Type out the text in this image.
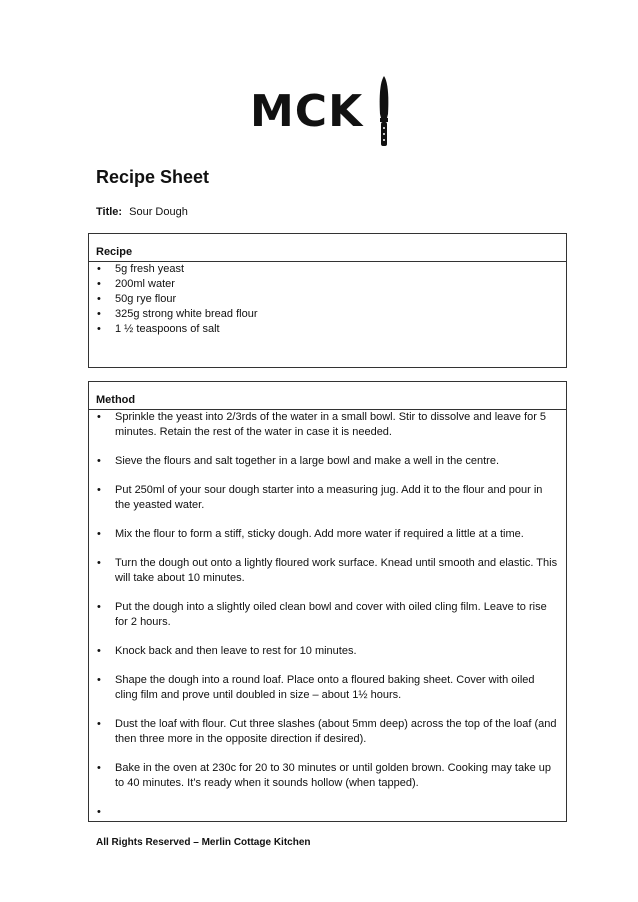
MCK
Recipe Sheet
Title: Sour Dough
Recipe
• 5g fresh yeast
• 200ml water
• 50g rye flour
• 325g strong white bread flour
• 1 ½ teaspoons of salt
Method
• Sprinkle the yeast into 2/3rds of the water in a small bowl. Stir to dissolve and leave for 5 minutes. Retain the rest of the water in case it is needed.
• Sieve the flours and salt together in a large bowl and make a well in the centre.
• Put 250ml of your sour dough starter into a measuring jug. Add it to the flour and pour in the yeasted water.
• Mix the flour to form a stiff, sticky dough. Add more water if required a little at a time.
• Turn the dough out onto a lightly floured work surface. Knead until smooth and elastic. This will take about 10 minutes.
• Put the dough into a slightly oiled clean bowl and cover with oiled cling film. Leave to rise for 2 hours.
• Knock back and then leave to rest for 10 minutes.
• Shape the dough into a round loaf. Place onto a floured baking sheet. Cover with oiled cling film and prove until doubled in size – about 1½ hours.
• Dust the loaf with flour. Cut three slashes (about 5mm deep) across the top of the loaf (and then three more in the opposite direction if desired).
• Bake in the oven at 230c for 20 to 30 minutes or until golden brown. Cooking may take up to 40 minutes. It’s ready when it sounds hollow (when tapped).
•
All Rights Reserved – Merlin Cottage Kitchen
